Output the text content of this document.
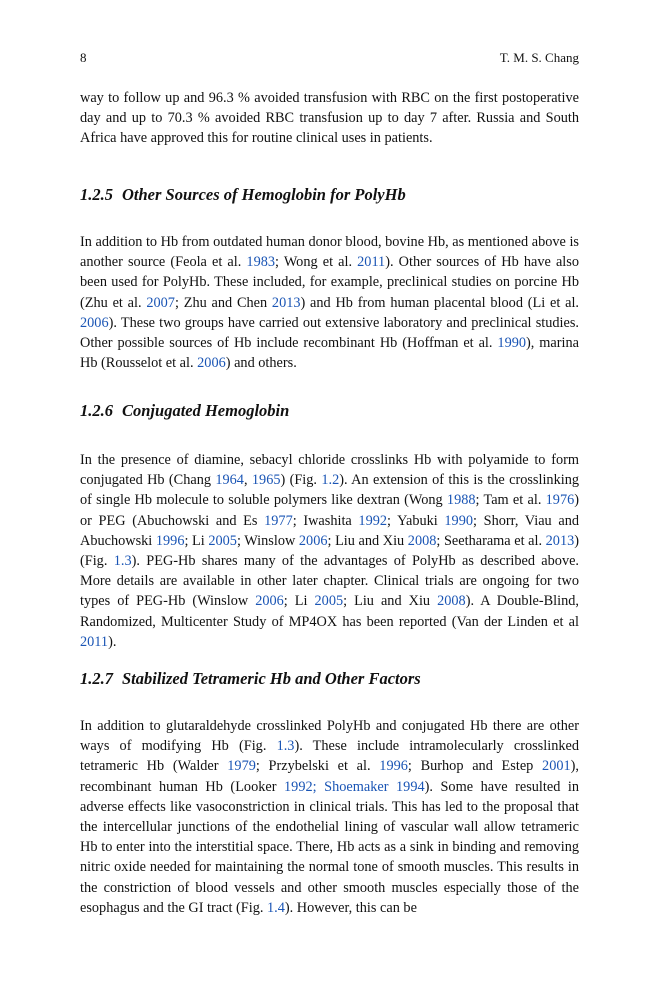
8	T. M. S. Chang

way to follow up and 96.3 % avoided transfusion with RBC on the first postoperative day and up to 70.3 % avoided RBC transfusion up to day 7 after. Russia and South Africa have approved this for routine clinical uses in patients.

1.2.5 Other Sources of Hemoglobin for PolyHb

In addition to Hb from outdated human donor blood, bovine Hb, as mentioned above is another source (Feola et al. 1983; Wong et al. 2011). Other sources of Hb have also been used for PolyHb. These included, for example, preclinical studies on porcine Hb (Zhu et al. 2007; Zhu and Chen 2013) and Hb from human placental blood (Li et al. 2006). These two groups have carried out extensive laboratory and preclinical studies. Other possible sources of Hb include recombinant Hb (Hoffman et al. 1990), marina Hb (Rousselot et al. 2006) and others.

1.2.6 Conjugated Hemoglobin

In the presence of diamine, sebacyl chloride crosslinks Hb with polyamide to form conjugated Hb (Chang 1964, 1965) (Fig. 1.2). An extension of this is the crosslinking of single Hb molecule to soluble polymers like dextran (Wong 1988; Tam et al. 1976) or PEG (Abuchowski and Es 1977; Iwashita 1992; Yabuki 1990; Shorr, Viau and Abuchowski 1996; Li 2005; Winslow 2006; Liu and Xiu 2008; Seetharama et al. 2013) (Fig. 1.3). PEG-Hb shares many of the advantages of PolyHb as described above. More details are available in other later chapter. Clinical trials are ongoing for two types of PEG-Hb (Winslow 2006; Li 2005; Liu and Xiu 2008). A Double-Blind, Randomized, Multicenter Study of MP4OX has been reported (Van der Linden et al 2011).

1.2.7 Stabilized Tetrameric Hb and Other Factors

In addition to glutaraldehyde crosslinked PolyHb and conjugated Hb there are other ways of modifying Hb (Fig. 1.3). These include intramolecularly crosslinked tetrameric Hb (Walder 1979; Przybelski et al. 1996; Burhop and Estep 2001), recombinant human Hb (Looker 1992; Shoemaker 1994). Some have resulted in adverse effects like vasoconstriction in clinical trials. This has led to the proposal that the intercellular junctions of the endothelial lining of vascular wall allow tetrameric Hb to enter into the interstitial space. There, Hb acts as a sink in binding and removing nitric oxide needed for maintaining the normal tone of smooth muscles. This results in the constriction of blood vessels and other smooth muscles especially those of the esophagus and the GI tract (Fig. 1.4). However, this can be
